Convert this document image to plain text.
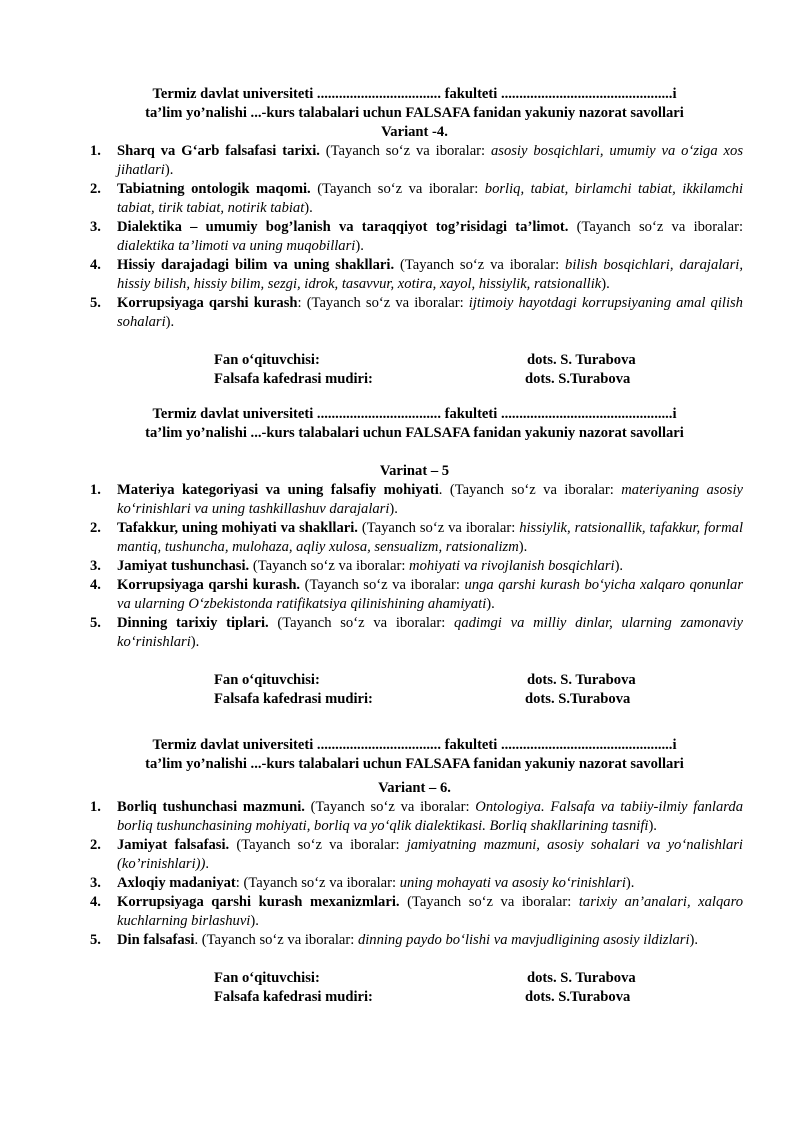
Termiz davlat universiteti .................................. fakulteti ...............................................i

ta’lim yo’nalishi ...-kurs talabalari uchun FALSAFA fanidan yakuniy nazorat savollari

Variant -4.

1. Sharq va G‘arb falsafasi tarixi. (Tayanch so‘z va iboralar: asosiy bosqichlari, umumiy va o‘ziga xos jihatlari).
2. Tabiatning ontologik maqomi. (Tayanch so‘z va iboralar: borliq, tabiat, birlamchi tabiat, ikkilamchi tabiat, tirik tabiat, notirik tabiat).
3. Dialektika – umumiy bog’lanish va taraqqiyot tog’risidagi ta’limot. (Tayanch so‘z va iboralar: dialektika ta’limoti va uning muqobillari).
4. Hissiy darajadagi bilim va uning shakllari. (Tayanch so‘z va iboralar: bilish bosqichlari, darajalari, hissiy bilish, hissiy bilim, sezgi, idrok, tasavvur, xotira, xayol, hissiylik, ratsionallik).
5. Korrupsiyaga qarshi kurash: (Tayanch so‘z va iboralar: ijtimoiy hayotdagi korrupsiyaning amal qilish sohalari).
Fan o‘qituvchisi:	dots. S. Turabova
Falsafa kafedrasi mudiri:	dots. S.Turabova

Termiz davlat universiteti .................................. fakulteti ...............................................i

ta’lim yo’nalishi ...-kurs talabalari uchun FALSAFA fanidan yakuniy nazorat savollari

Varinat – 5

1. Materiya kategoriyasi va uning falsafiy mohiyati. (Tayanch so‘z va iboralar: materiyaning asosiy ko‘rinishlari va uning tashkillashuv darajalari).
2. Tafakkur, uning mohiyati va shakllari. (Tayanch so‘z va iboralar: hissiylik, ratsionallik, tafakkur, formal mantiq, tushuncha, mulohaza, aqliy xulosa, sensualizm, ratsionalizm).
3. Jamiyat tushunchasi. (Tayanch so‘z va iboralar: mohiyati va rivojlanish bosqichlari).
4. Korrupsiyaga qarshi kurash. (Tayanch so‘z va iboralar: unga qarshi kurash bo‘yicha xalqaro qonunlar va ularning O‘zbekistonda ratifikatsiya qilinishining ahamiyati).
5. Dinning tarixiy tiplari. (Tayanch so‘z va iboralar: qadimgi va milliy dinlar, ularning zamonaviy ko‘rinishlari).
Fan o‘qituvchisi:	dots. S. Turabova
Falsafa kafedrasi mudiri:	dots. S.Turabova

Termiz davlat universiteti .................................. fakulteti ...............................................i

ta’lim yo’nalishi ...-kurs talabalari uchun FALSAFA fanidan yakuniy nazorat savollari

Variant – 6.

1. Borliq tushunchasi mazmuni. (Tayanch so‘z va iboralar: Ontologiya. Falsafa va tabiiy-ilmiy fanlarda borliq tushunchasining mohiyati, borliq va yo‘qlik dialektikasi. Borliq shakllarining tasnifi).
2. Jamiyat falsafasi. (Tayanch so‘z va iboralar: jamiyatning mazmuni, asosiy sohalari va yo‘nalishlari (ko’rinishlari)).
3. Axloqiy madaniyat: (Tayanch so‘z va iboralar: uning mohayati va asosiy ko‘rinishlari).
4. Korrupsiyaga qarshi kurash mexanizmlari. (Tayanch so‘z va iboralar: tarixiy an’analari, xalqaro kuchlarning birlashuvi).
5. Din falsafasi. (Tayanch so‘z va iboralar: dinning paydo bo‘lishi va mavjudligining asosiy ildizlari).
Fan o‘qituvchisi:	dots. S. Turabova
Falsafa kafedrasi mudiri:	dots. S.Turabova
